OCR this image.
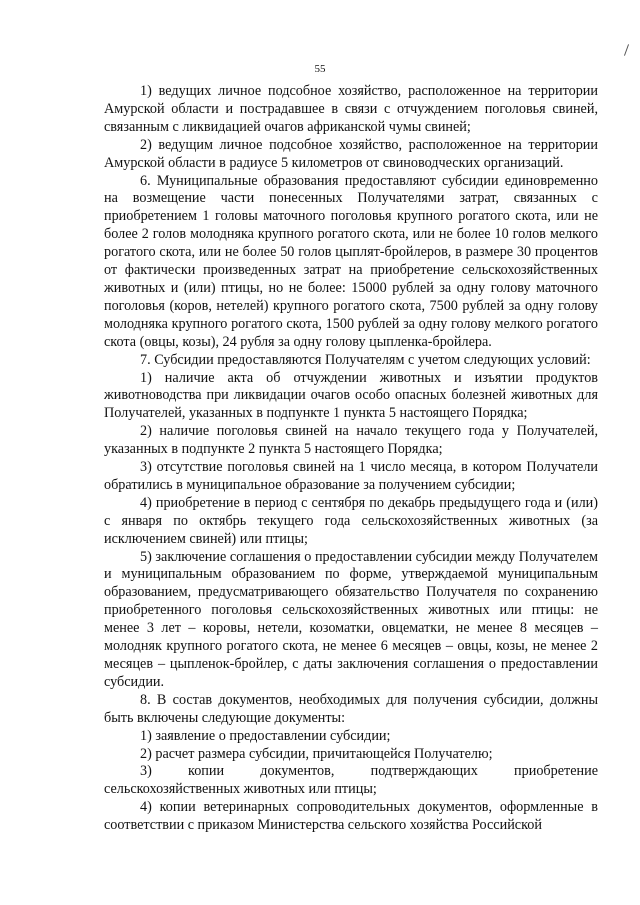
55

1) ведущих личное подсобное хозяйство, расположенное на территории Амурской области и пострадавшее в связи с отчуждением поголовья свиней, связанным с ликвидацией очагов африканской чумы свиней;

2) ведущим личное подсобное хозяйство, расположенное на территории Амурской области в радиусе 5 километров от свиноводческих организаций.

6. Муниципальные образования предоставляют субсидии единовременно на возмещение части понесенных Получателями затрат, связанных с приобретением 1 головы маточного поголовья крупного рогатого скота, или не более 2 голов молодняка крупного рогатого скота, или не более 10 голов мелкого рогатого скота, или не более 50 голов цыплят-бройлеров, в размере 30 процентов от фактически произведенных затрат на приобретение сельскохозяйственных животных и (или) птицы, но не более: 15000 рублей за одну голову маточного поголовья (коров, нетелей) крупного рогатого скота, 7500 рублей за одну голову молодняка крупного рогатого скота, 1500 рублей за одну голову мелкого рогатого скота (овцы, козы), 24 рубля за одну голову цыпленка-бройлера.

7. Субсидии предоставляются Получателям с учетом следующих условий:

1) наличие акта об отчуждении животных и изъятии продуктов животноводства при ликвидации очагов особо опасных болезней животных для Получателей, указанных в подпункте 1 пункта 5 настоящего Порядка;

2) наличие поголовья свиней на начало текущего года у Получателей, указанных в подпункте 2 пункта 5 настоящего Порядка;

3) отсутствие поголовья свиней на 1 число месяца, в котором Получатели обратились в муниципальное образование за получением субсидии;

4) приобретение в период с сентября по декабрь предыдущего года и (или) с января по октябрь текущего года сельскохозяйственных животных (за исключением свиней) или птицы;

5) заключение соглашения о предоставлении субсидии между Получателем и муниципальным образованием по форме, утверждаемой муниципальным образованием, предусматривающего обязательство Получателя по сохранению приобретенного поголовья сельскохозяйственных животных или птицы: не менее 3 лет – коровы, нетели, козоматки, овцематки, не менее 8 месяцев – молодняк крупного рогатого скота, не менее 6 месяцев – овцы, козы, не менее 2 месяцев – цыпленок-бройлер, с даты заключения соглашения о предоставлении субсидии.

8. В состав документов, необходимых для получения субсидии, должны быть включены следующие документы:

1) заявление о предоставлении субсидии;

2) расчет размера субсидии, причитающейся Получателю;

3) копии документов, подтверждающих приобретение сельскохозяйственных животных или птицы;

4) копии ветеринарных сопроводительных документов, оформленные в соответствии с приказом Министерства сельского хозяйства Российской
